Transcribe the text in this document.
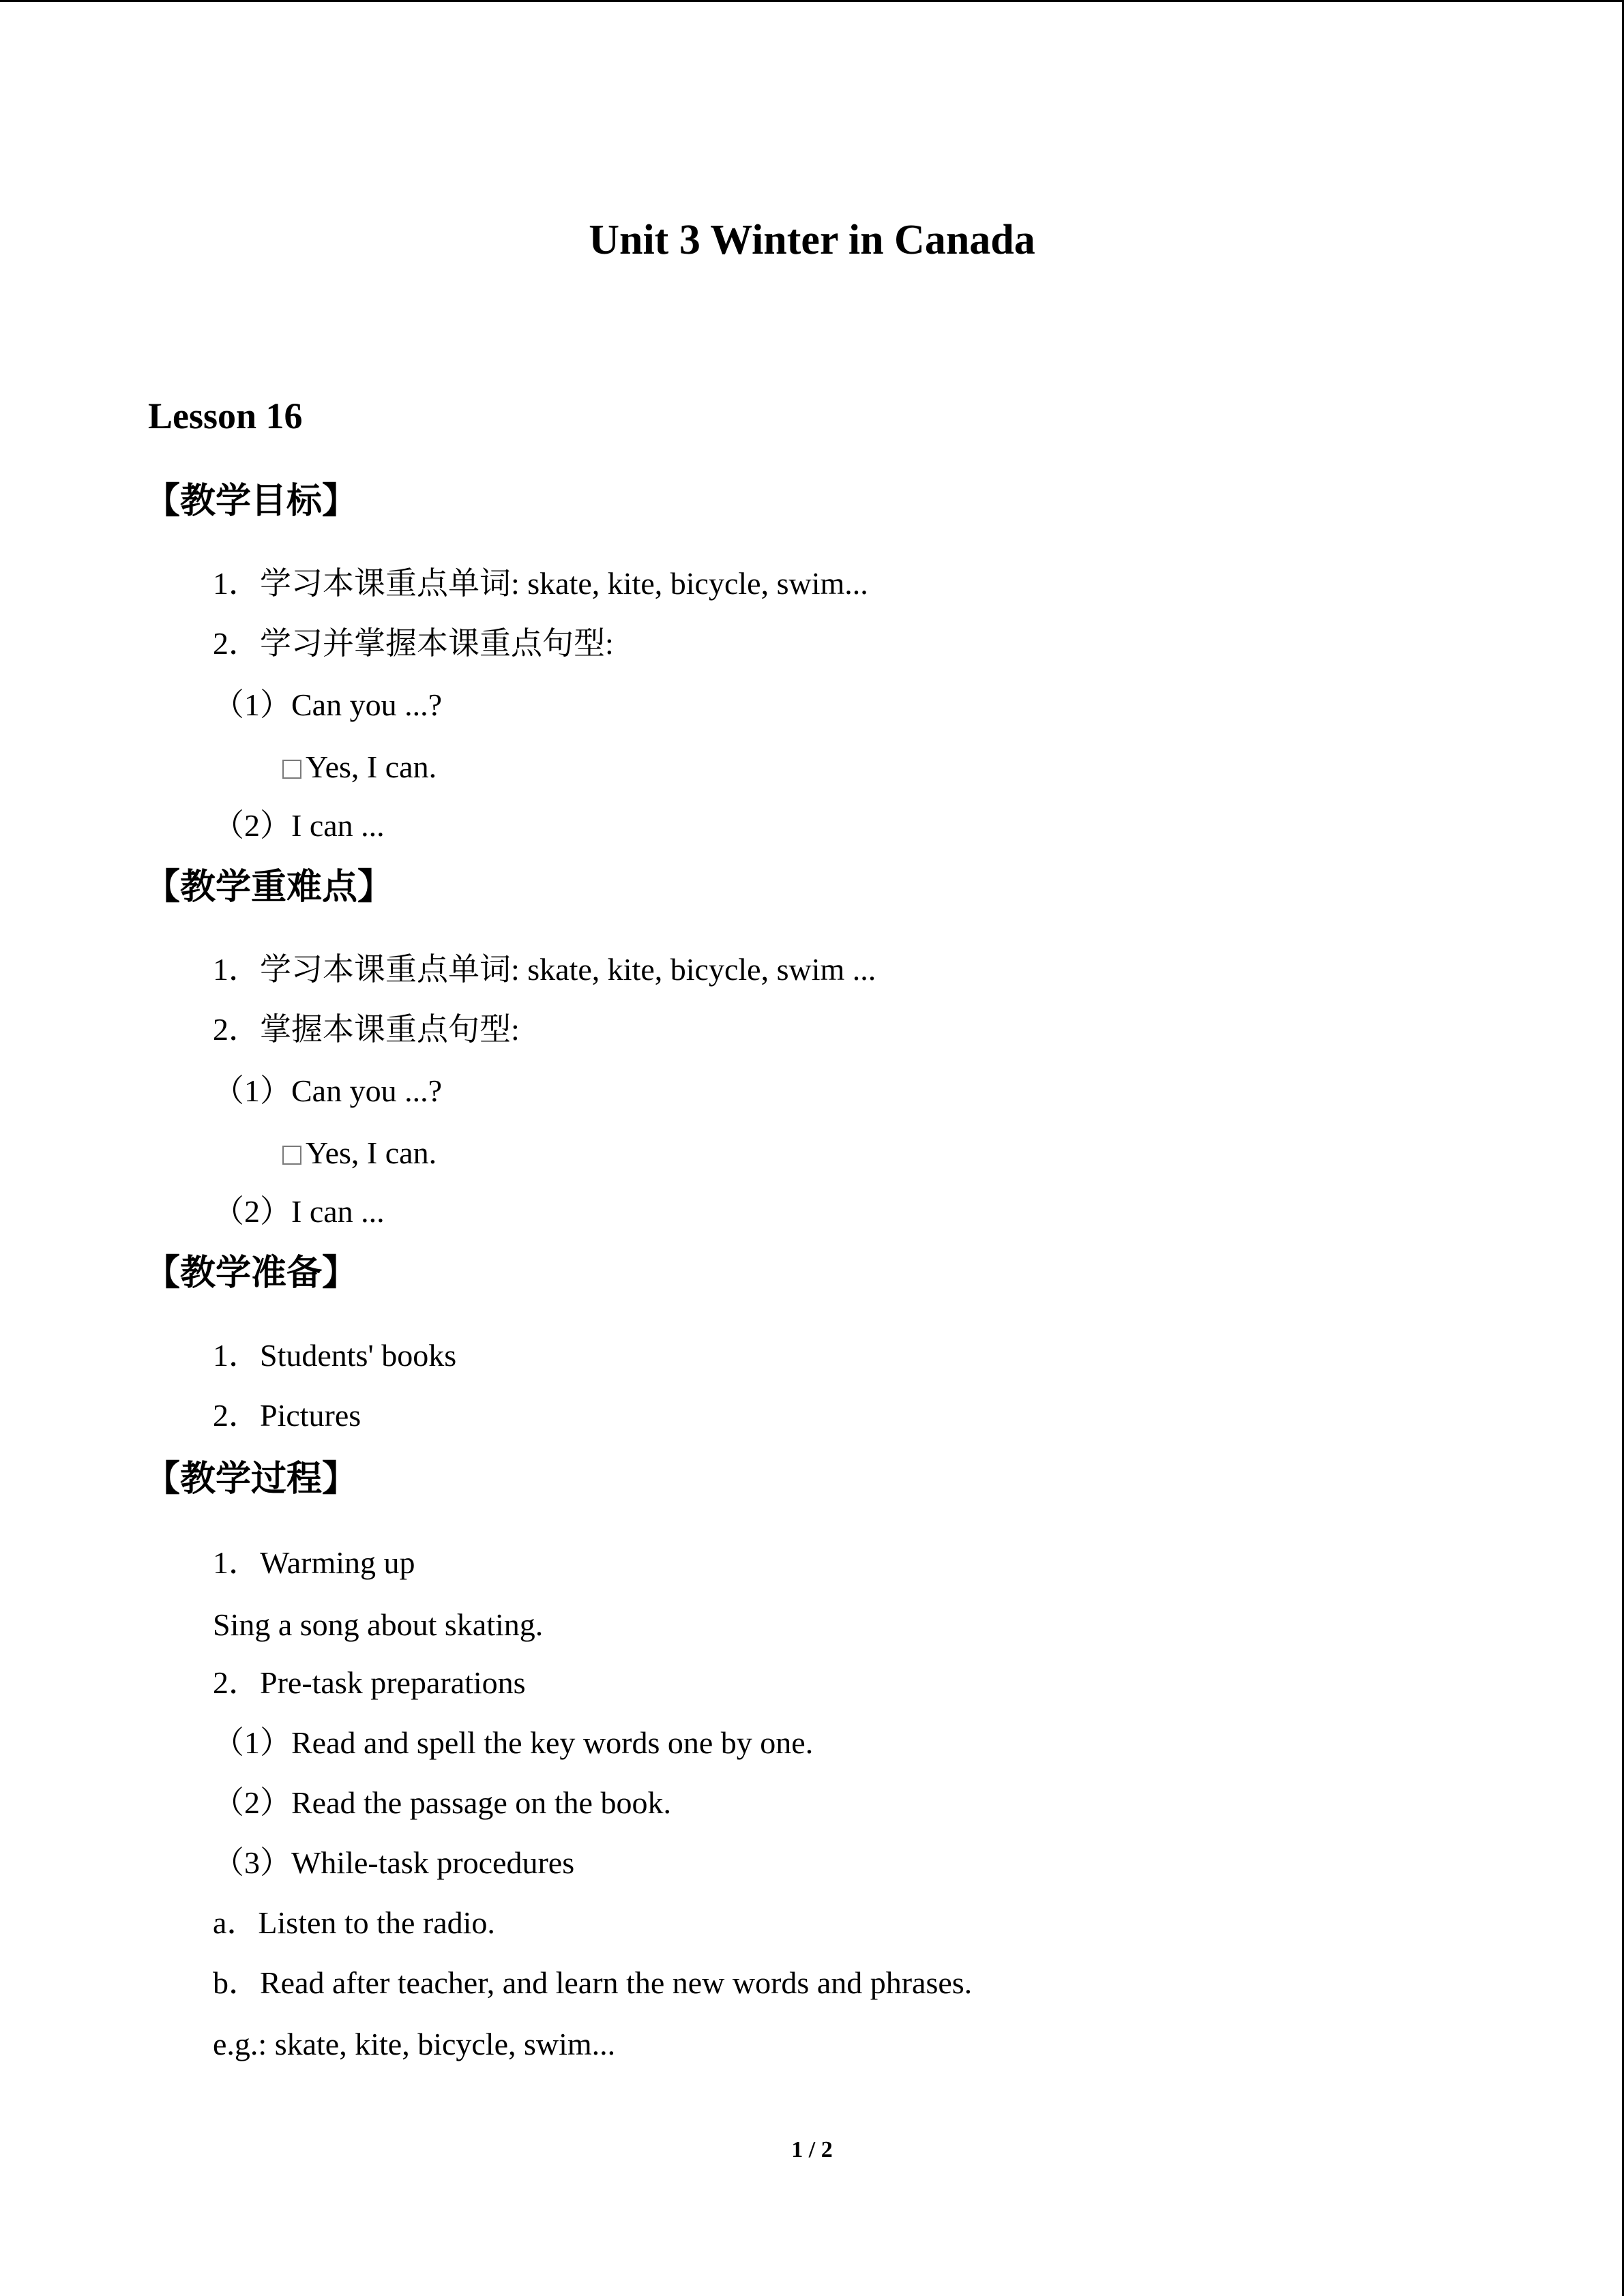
Unit 3 Winter in Canada
Lesson 16
【教学目标】
1．学习本课重点单词: skate, kite, bicycle, swim...
2．学习并掌握本课重点句型:
（1）Can you ...?
Yes, I can.
（2）I can ...
【教学重难点】
1．学习本课重点单词: skate, kite, bicycle, swim ...
2．掌握本课重点句型:
（1）Can you ...?
Yes, I can.
（2）I can ...
【教学准备】
1．Students' books
2．Pictures
【教学过程】
1．Warming up
Sing a song about skating.
2．Pre-task preparations
（1）Read and spell the key words one by one.
（2）Read the passage on the book.
（3）While-task procedures
a．Listen to the radio.
b．Read after teacher, and learn the new words and phrases.
e.g.: skate, kite, bicycle, swim...
1 / 2
